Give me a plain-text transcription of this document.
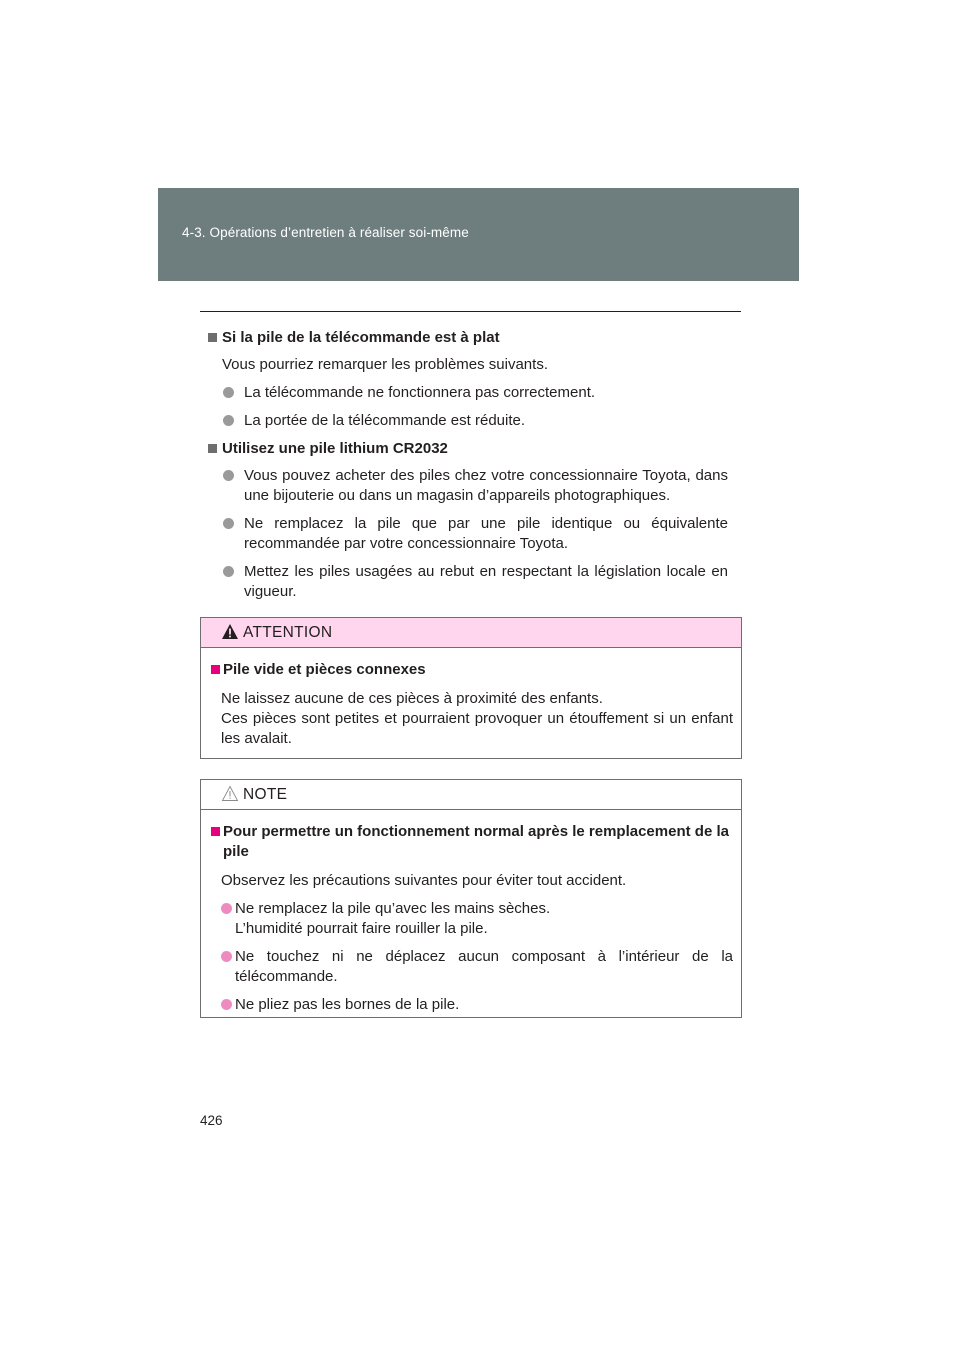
4-3. Opérations d’entretien à réaliser soi-même
Si la pile de la télécommande est à plat
Vous pourriez remarquer les problèmes suivants.
La télécommande ne fonctionnera pas correctement.
La portée de la télécommande est réduite.
Utilisez une pile lithium CR2032
Vous pouvez acheter des piles chez votre concessionnaire Toyota, dans une bijouterie ou dans un magasin d’appareils photographiques.
Ne remplacez la pile que par une pile identique ou équivalente recommandée par votre concessionnaire Toyota.
Mettez les piles usagées au rebut en respectant la législation locale en vigueur.
ATTENTION
Pile vide et pièces connexes
Ne laissez aucune de ces pièces à proximité des enfants.
Ces pièces sont petites et pourraient provoquer un étouffement si un enfant les avalait.
NOTE
Pour permettre un fonctionnement normal après le remplacement de la pile
Observez les précautions suivantes pour éviter tout accident.
Ne remplacez la pile qu’avec les mains sèches.
L’humidité pourrait faire rouiller la pile.
Ne touchez ni ne déplacez aucun composant à l’intérieur de la télécommande.
Ne pliez pas les bornes de la pile.
426
